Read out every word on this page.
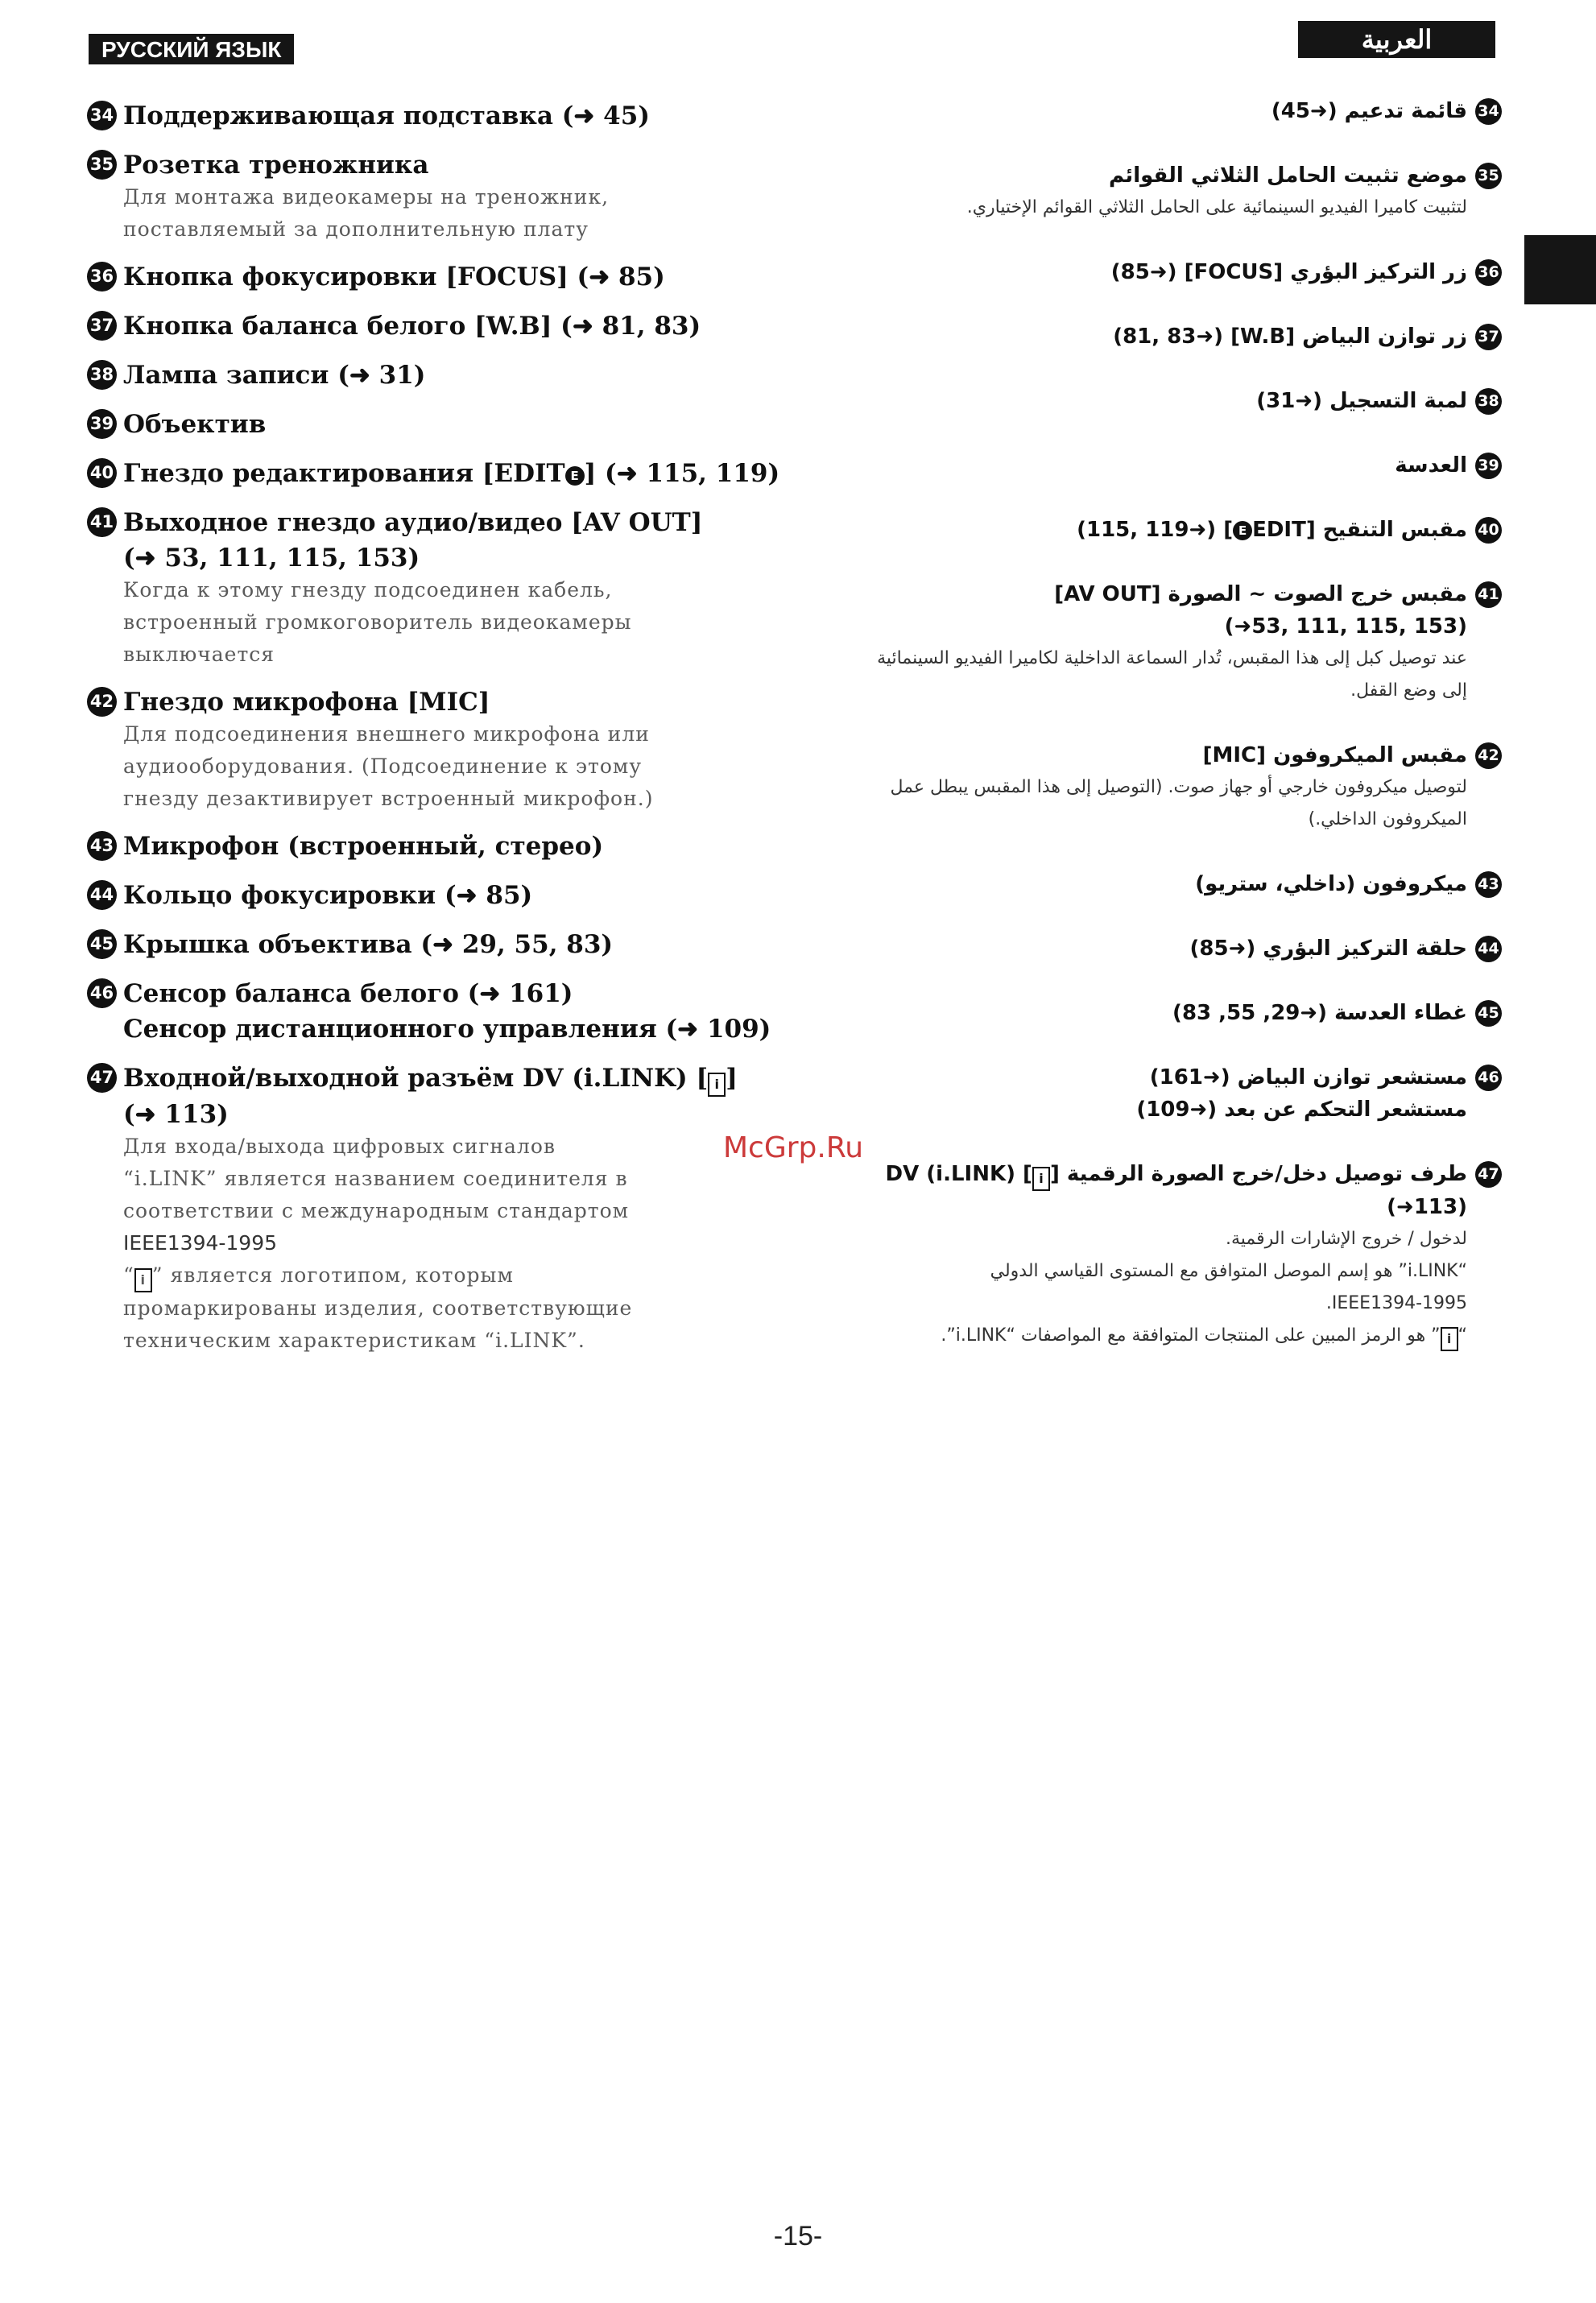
РУССКИЙ ЯЗЫК	العربية
34 Поддерживающая подставка (➜ 45)
35 Розетка треножника
Для монтажа видеокамеры на треножник,
поставляемый за дополнительную плату
36 Кнопка фокусировки [FOCUS] (➜ 85)
37 Кнопка баланса белого [W.B] (➜ 81, 83)
38 Лампа записи (➜ 31)
39 Объектив
40 Гнездо редактирования [EDIT E ] (➜ 115, 119)
41 Выходное гнездо аудио/видео [AV OUT]
(➜ 53, 111, 115, 153)
Когда к этому гнезду подсоединен кабель,
встроенный громкоговоритель видеокамеры
выключается
42 Гнездо микрофона [MIC]
Для подсоединения внешнего микрофона или
аудиооборудования. (Подсоединение к этому
гнезду дезактивирует встроенный микрофон.)
43 Микрофон (встроенный, стерео)
44 Кольцо фокусировки (➜ 85)
45 Крышка объектива (➜ 29, 55, 83)
46 Сенсор баланса белого (➜ 161)
Сенсор дистанционного управления (➜ 109)
47 Входной/выходной разъём DV (i.LINK) [ i ]
(➜ 113)
Для входа/выхода цифровых сигналов
“i.LINK” является названием соединителя в
соответствии с международным стандартом
IEEE1394-1995
“ i ” является логотипом, которым
промаркированы изделия, соответствующие
техническим характеристикам “i.LINK”.
34
قائمة تدعيم (➜45)
35
موضع تثبيت الحامل الثلاثي القوائم
لتثبيت كاميرا الفيديو السينمائية على الحامل الثلاثي القوائم الإختياري.
36
زر التركيز البؤري [FOCUS] (➜85)
37
زر توازن البياض [W.B] (➜81, 83)
38
لمبة التسجيل (➜31)
39
العدسة
40
مقبس التنقيح [EDITE] (➜115, 119)
41
مقبس خرج الصوت ~ الصورة [AV OUT]
(➜53, 111, 115, 153)
عند توصيل كبل إلى هذا المقبس، تُدار السماعة الداخلية لكاميرا الفيديو السينمائية
إلى وضع القفل.
42
مقبس الميكروفون [MIC]
لتوصيل ميكروفون خارجي أو جهاز صوت. (التوصيل إلى هذا المقبس يبطل عمل
الميكروفون الداخلي.)
43
ميكروفون (داخلي، ستريو)
44
حلقة التركيز البؤري (➜85)
45
غطاء العدسة (➜29, 55, 83)
46
مستشعر توازن البياض (➜161)
مستشعر التحكم عن بعد (➜109)
47
طرف توصيل دخل/خرج الصورة الرقمية DV (i.LINK) [i ] (➜113)
لدخول / خروج الإشارات الرقمية.
“i.LINK” هو إسم الموصل المتوافق مع المستوى القياسي الدولي
IEEE1394-1995.
“i” هو الرمز المبين على المنتجات المتوافقة مع المواصفات “i.LINK”.
McGrp.Ru
-15-
